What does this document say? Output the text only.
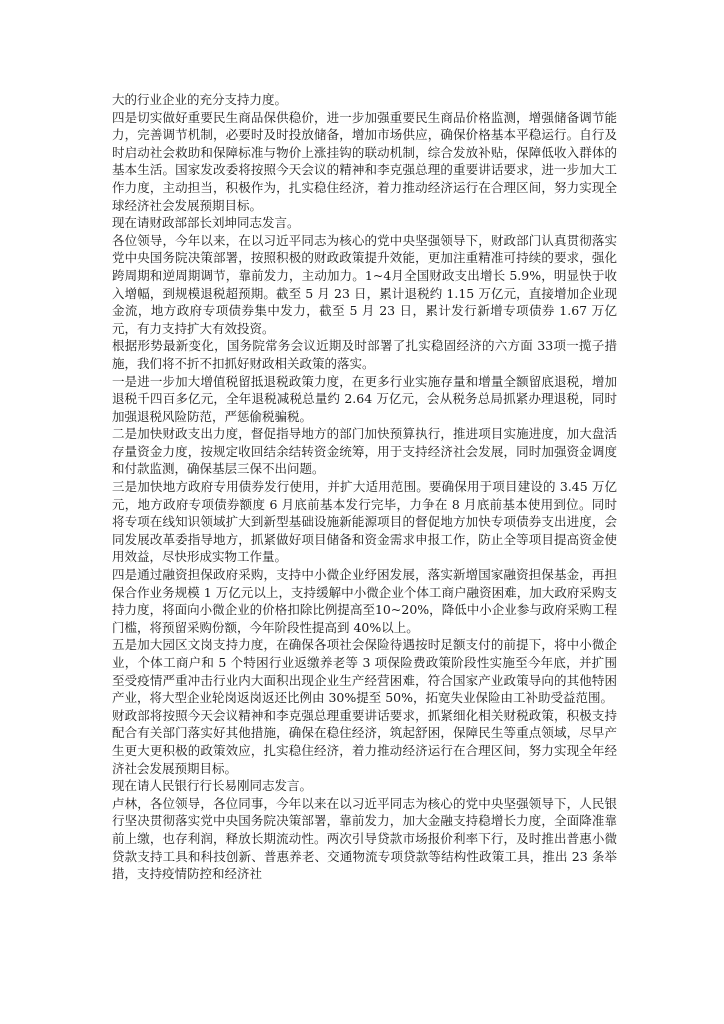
大的行业企业的充分支持力度。

四是切实做好重要民生商品保供稳价，进一步加强重要民生商品价格监测，增强储备调节能力，完善调节机制，必要时及时投放储备，增加市场供应，确保价格基本平稳运行。自行及时启动社会救助和保障标准与物价上涨挂钩的联动机制，综合发放补贴，保障低收入群体的基本生活。国家发改委将按照今天会议的精神和李克强总理的重要讲话要求，进一步加大工作力度，主动担当，积极作为，扎实稳住经济，着力推动经济运行在合理区间，努力实现全球经济社会发展预期目标。

现在请财政部部长刘坤同志发言。

各位领导，今年以来，在以习近平同志为核心的党中央坚强领导下，财政部门认真贯彻落实党中央国务院决策部署，按照积极的财政政策提升效能，更加注重精准可持续的要求，强化跨周期和逆周期调节，靠前发力，主动加力。1~4月全国财政支出增长 5.9%，明显快于收入增幅，到规模退税超预期。截至 5 月 23 日，累计退税约 1.15 万亿元，直接增加企业现金流，地方政府专项债券集中发力，截至 5 月 23 日，累计发行新增专项债券 1.67 万亿元，有力支持扩大有效投资。

根据形势最新变化，国务院常务会议近期及时部署了扎实稳固经济的六方面 33项一揽子措施，我们将不折不扣抓好财政相关政策的落实。

一是进一步加大增值税留抵退税政策力度，在更多行业实施存量和增量全额留底退税，增加退税千四百多亿元，全年退税减税总量约 2.64 万亿元，会从税务总局抓紧办理退税，同时加强退税风险防范，严惩偷税骗税。

二是加快财政支出力度，督促指导地方的部门加快预算执行，推进项目实施进度，加大盘活存量资金力度，按规定收回结余结转资金统筹，用于支持经济社会发展，同时加强资金调度和付款监测，确保基层三保不出问题。

三是加快地方政府专用债券发行使用，并扩大适用范围。要确保用于项目建设的 3.45 万亿元，地方政府专项债券额度 6 月底前基本发行完毕，力争在 8 月底前基本使用到位。同时将专项在线知识领域扩大到新型基础设施新能源项目的督促地方加快专项债券支出进度，会同发展改革委指导地方，抓紧做好项目储备和资金需求申报工作，防止全等项目提高资金使用效益，尽快形成实物工作量。

四是通过融资担保政府采购，支持中小微企业纾困发展，落实新增国家融资担保基金，再担保合作业务规模 1 万亿元以上，支持缓解中小微企业个体工商户融资困难，加大政府采购支持力度，将面向小微企业的价格扣除比例提高至10~20%，降低中小企业参与政府采购工程门槛，将预留采购份额，今年阶段性提高到 40%以上。

五是加大园区文岗支持力度，在确保各项社会保险待遇按时足额支付的前提下，将中小微企业，个体工商户和 5 个特困行业返缴养老等 3 项保险费政策阶段性实施至今年底，并扩围至受疫情严重冲击行业内大面积出现企业生产经营困难，符合国家产业政策导向的其他特困产业，将大型企业轮岗返岗返还比例由 30%提至 50%，拓宽失业保险由工补助受益范围。

财政部将按照今天会议精神和李克强总理重要讲话要求，抓紧细化相关财税政策，积极支持配合有关部门落实好其他措施，确保在稳住经济，筑起舒困，保障民生等重点领域，尽早产生更大更积极的政策效应，扎实稳住经济，着力推动经济运行在合理区间，努力实现全年经济社会发展预期目标。

现在请人民银行行长易刚同志发言。

卢林，各位领导，各位同事，今年以来在以习近平同志为核心的党中央坚强领导下，人民银行坚决贯彻落实党中央国务院决策部署，靠前发力，加大金融支持稳增长力度，全面降准靠前上缴，也存利润，释放长期流动性。两次引导贷款市场报价利率下行，及时推出普惠小微贷款支持工具和科技创新、普惠养老、交通物流专项贷款等结构性政策工具，推出 23 条举措，支持疫情防控和经济社
